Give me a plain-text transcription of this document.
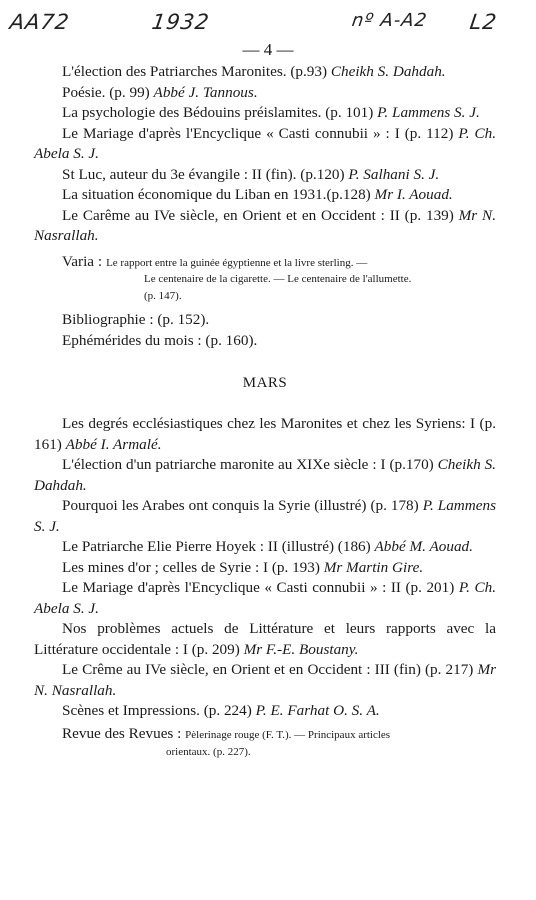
AA72	1932	nº A-A2 L2
— 4 —

L'élection des Patriarches Maronites. (p.93) Cheikh S. Dahdah.

Poésie. (p. 99) Abbé J. Tannous.

La psychologie des Bédouins préislamites. (p. 101) P. Lammens S. J.

Le Mariage d'après l'Encyclique « Casti connubii » : I (p. 112) P. Ch. Abela S. J.

St Luc, auteur du 3e évangile : II (fin). (p.120) P. Salhani S. J.

La situation économique du Liban en 1931.(p.128) Mr I. Aouad.

Le Carême au IVe siècle, en Orient et en Occident : II (p. 139) Mr N. Nasrallah.

Varia : Le rapport entre la guinée égyptienne et la livre sterling. —
Le centenaire de la cigarette. — Le centenaire de l'allumette.
(p. 147).

Bibliographie : (p. 152).

Ephémérides du mois : (p. 160).

MARS

Les degrés ecclésiastiques chez les Maronites et chez les Syriens: I (p. 161) Abbé I. Armalé.

L'élection d'un patriarche maronite au XIXe siècle : I (p.170) Cheikh S. Dahdah.

Pourquoi les Arabes ont conquis la Syrie (illustré) (p. 178) P. Lammens S. J.

Le Patriarche Elie Pierre Hoyek : II (illustré) (186) Abbé M. Aouad.

Les mines d'or ; celles de Syrie : I (p. 193) Mr Martin Gire.

Le Mariage d'après l'Encyclique « Casti connubii » : II (p. 201) P. Ch. Abela S. J.

Nos problèmes actuels de Littérature et leurs rapports avec la Littérature occidentale : I (p. 209) Mr F.-E. Boustany.

Le Crême au IVe siècle, en Orient et en Occident : III (fin) (p. 217) Mr N. Nasrallah.

Scènes et Impressions. (p. 224) P. E. Farhat O. S. A.

Revue des Revues : Pèlerinage rouge (F. T.). — Principaux articles
orientaux. (p. 227).
